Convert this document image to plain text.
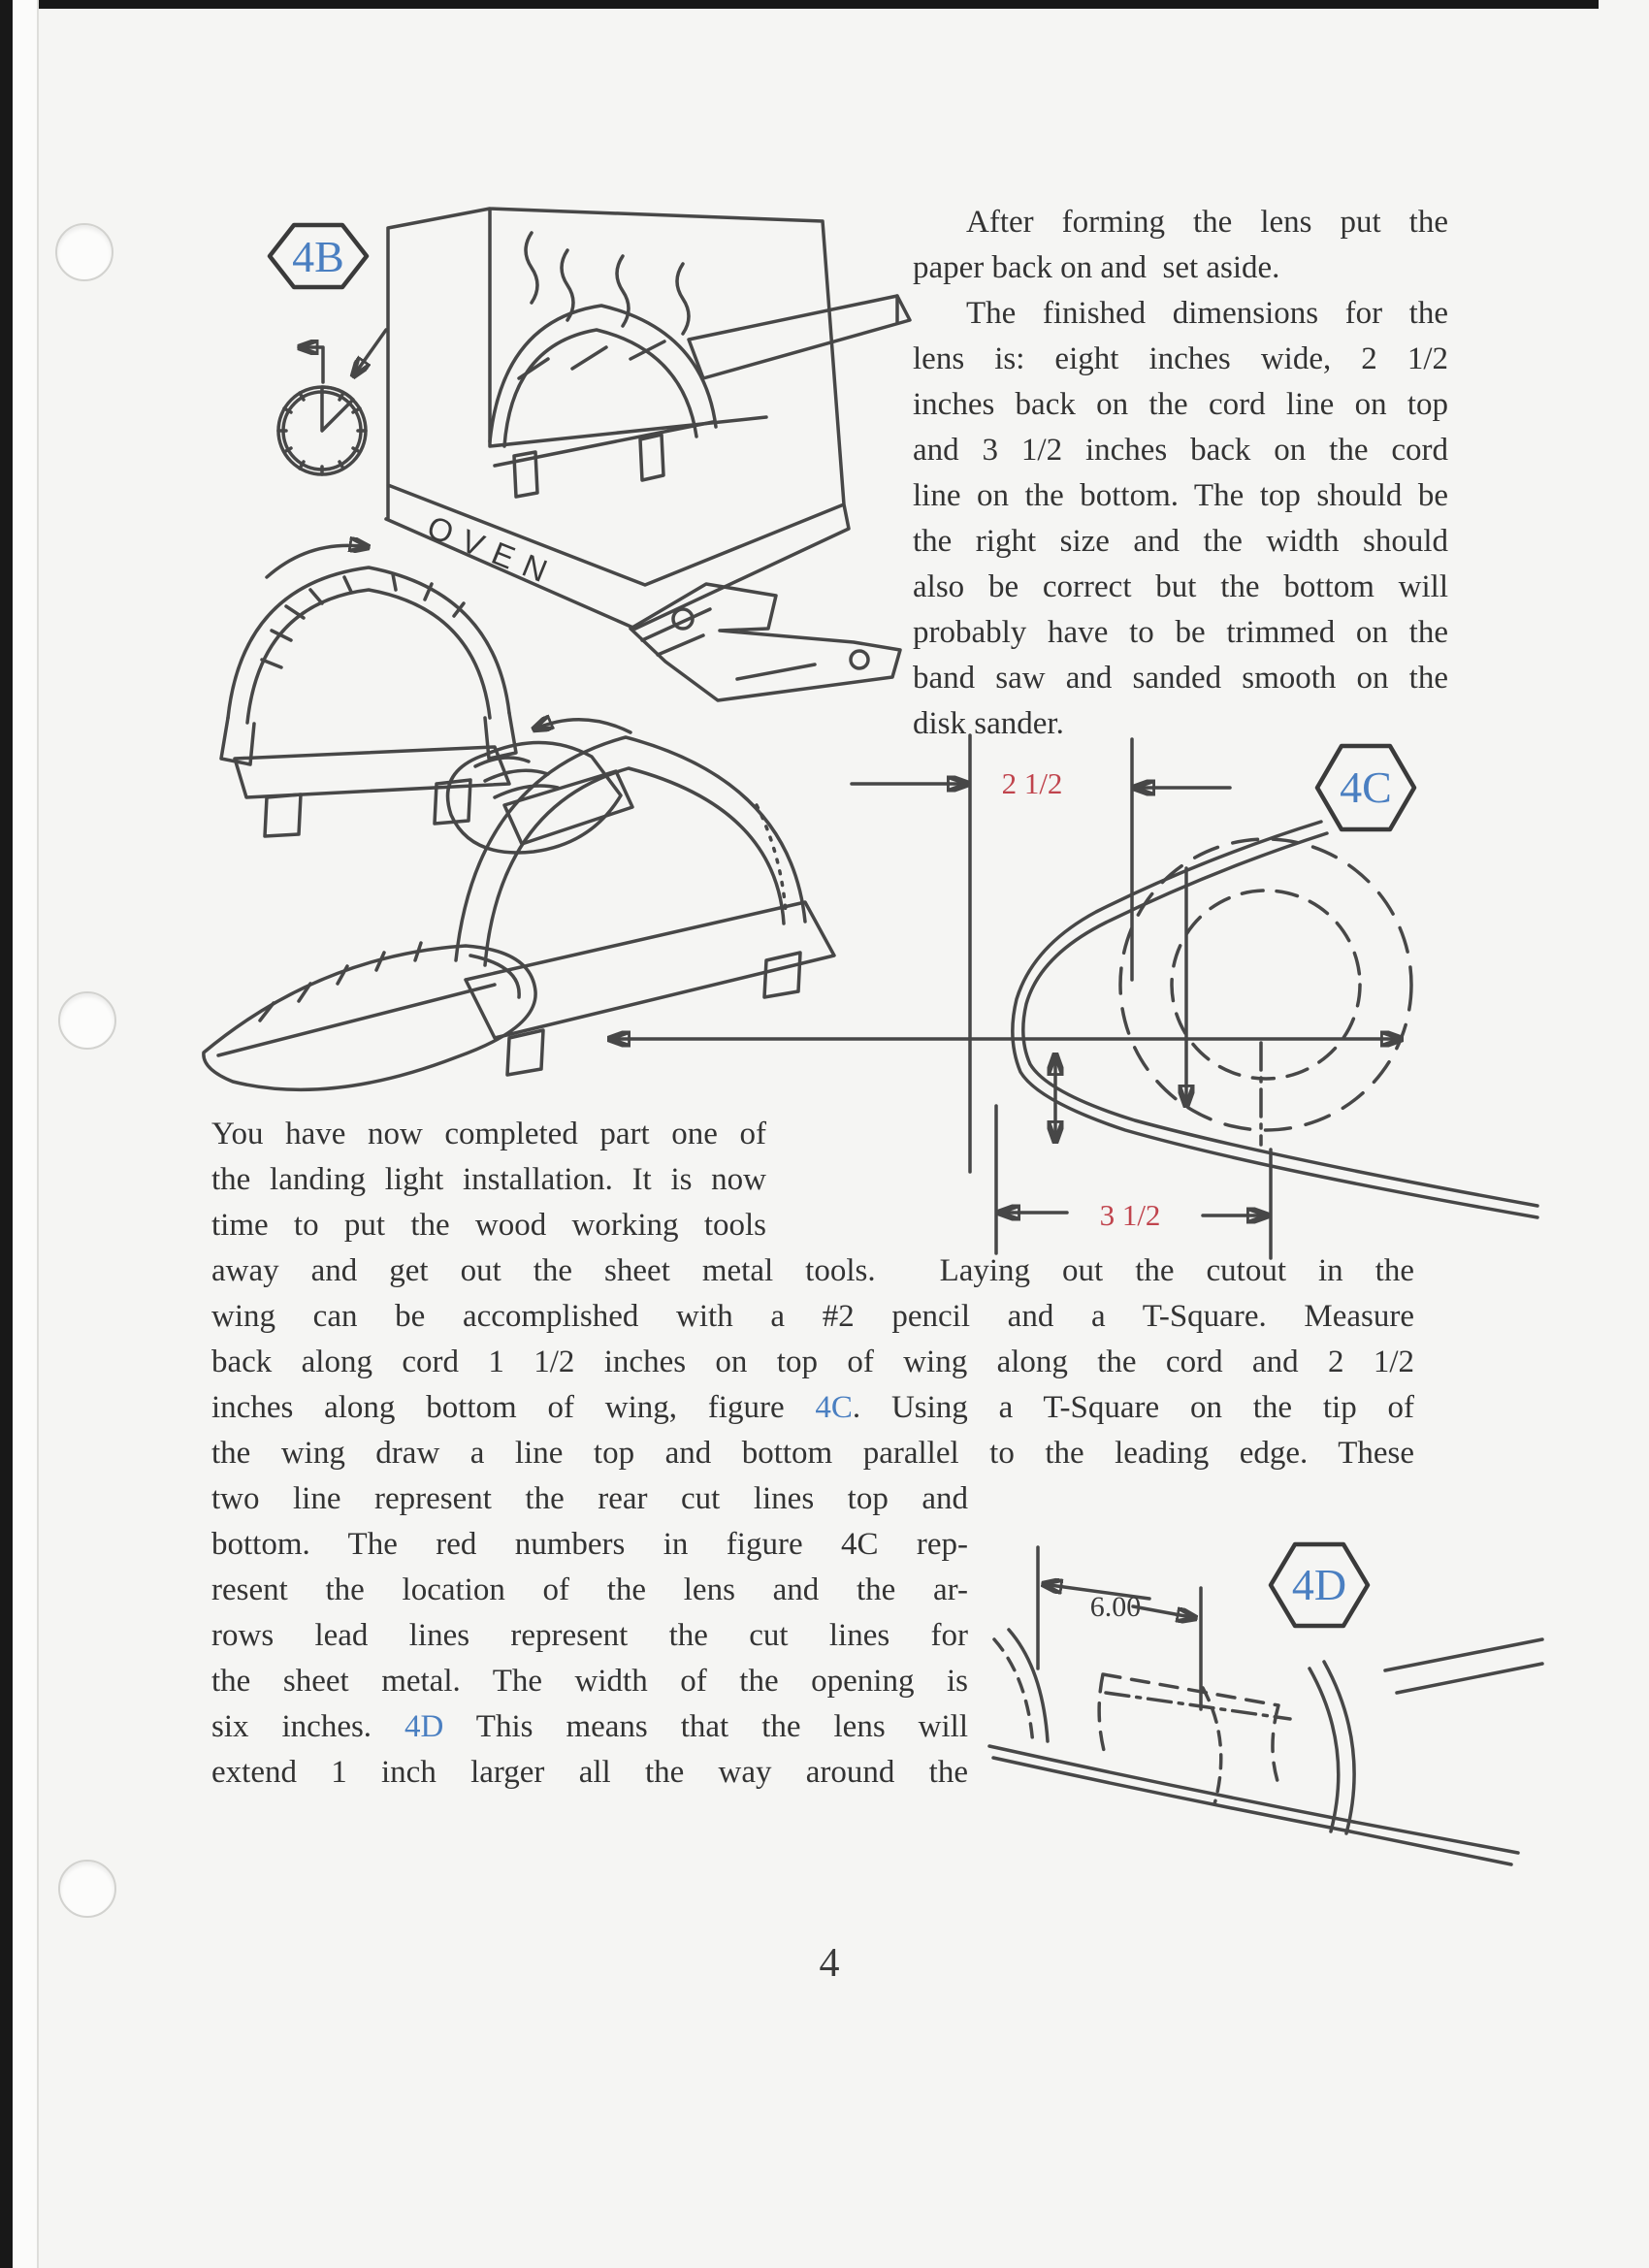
4B
OVEN
2 1/2	4C
3 1/2
6.00	4D
After forming the lens put the
paper back on and  set aside.
The finished dimensions for the
lens is: eight inches wide, 2 1/2
inches back on the cord line on top
and 3 1/2 inches back on the cord
line on the bottom. The top should be
the right size and the width should
also be correct but the bottom will
probably have to be trimmed on the
band saw and sanded smooth on the
disk sander.
You have now completed part one of
the landing light installation. It is now
time to put the wood working tools
away and get out the sheet metal tools.  Laying out the cutout in the
wing can be accomplished with a #2 pencil and a T-Square. Measure
back along cord 1 1/2 inches on top of wing along the cord and 2 1/2
inches along bottom of wing, figure 4C. Using a T-Square on the tip of
the wing draw a line top and bottom parallel to the leading edge. These
two line represent the rear cut lines top and
bottom. The red numbers in figure 4C rep-
resent the location of the lens and the ar-
rows lead lines represent the cut lines for
the sheet metal. The width of the opening is
six inches. 4D This means that the lens will
extend 1 inch larger all the way around the
4
